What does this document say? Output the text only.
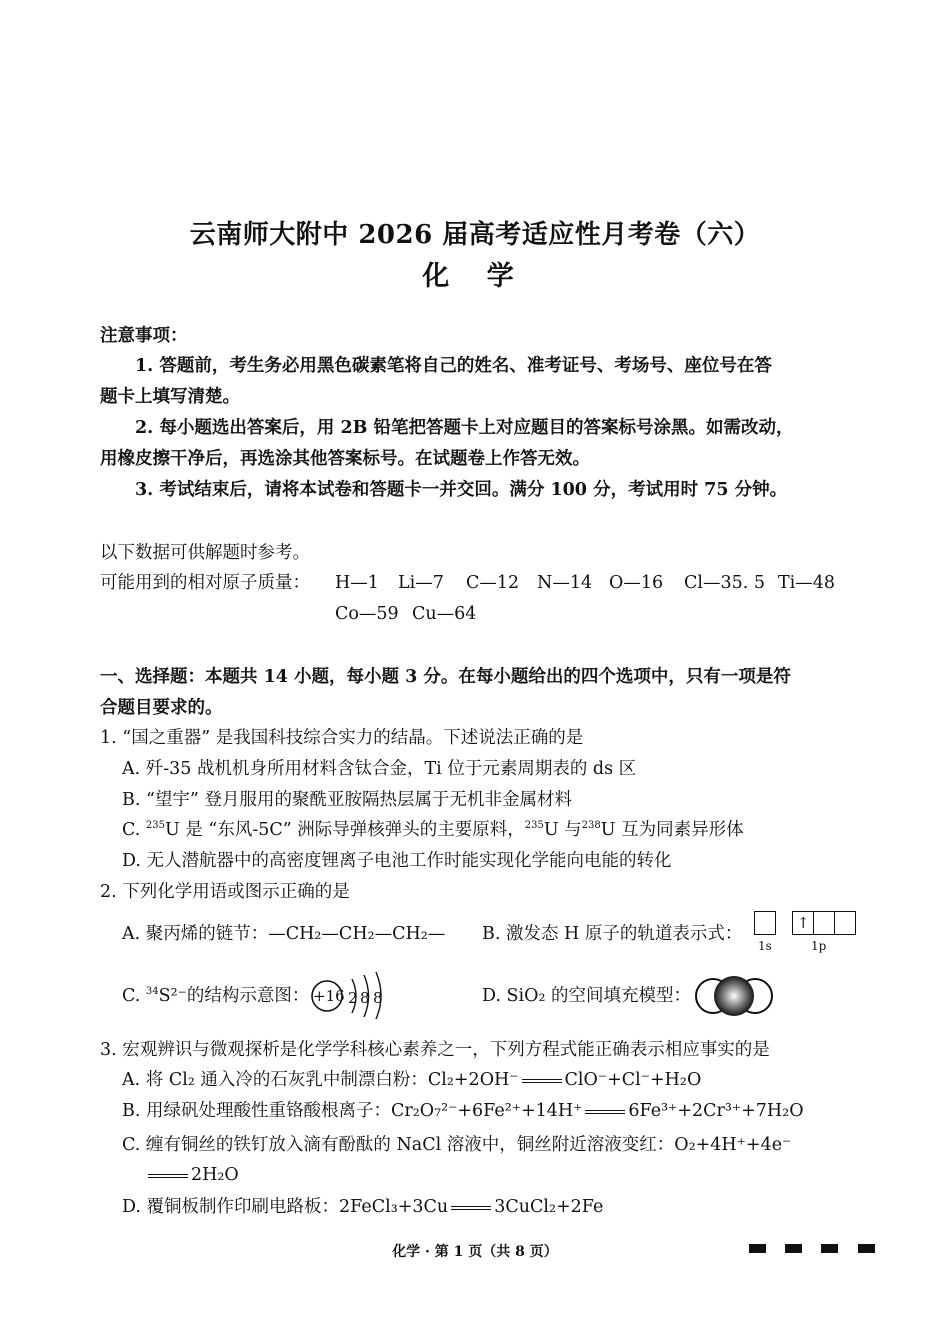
云南师大附中 2026 届高考适应性月考卷（六）
化 学
注意事项：
1. 答题前，考生务必用黑色碳素笔将自己的姓名、准考证号、考场号、座位号在答
题卡上填写清楚。
2. 每小题选出答案后，用 2B 铅笔把答题卡上对应题目的答案标号涂黑。如需改动，
用橡皮擦干净后，再选涂其他答案标号。在试题卷上作答无效。
3. 考试结束后，请将本试卷和答题卡一并交回。满分 100 分，考试用时 75 分钟。
以下数据可供解题时参考。
可能用到的相对原子质量： H—1 Li—7 C—12 N—14 O—16 Cl—35. 5 Ti—48
Co—59 Cu—64
一、选择题：本题共 14 小题，每小题 3 分。在每小题给出的四个选项中，只有一项是符
合题目要求的。
1. “国之重器” 是我国科技综合实力的结晶。下述说法正确的是
A. 歼-35 战机机身所用材料含钛合金，Ti 位于元素周期表的 ds 区
B. “望宇” 登月服用的聚酰亚胺隔热层属于无机非金属材料
C. $^{235}$U 是 “东风-5C” 洲际导弹核弹头的主要原料，$^{235}$U 与$^{238}$U 互为同素异形体
D. 无人潜航器中的高密度锂离子电池工作时能实现化学能向电能的转化
2. 下列化学用语或图示正确的是
A. 聚丙烯的链节：—CH₂—CH₂—CH₂— B. 激发态 H 原子的轨道表示式：
↑
1s	1p
C. $^{34}$S²⁻的结构示意图： +16 2 8 8	D. SiO₂ 的空间填充模型：
3. 宏观辨识与微观探析是化学学科核心素养之一，下列方程式能正确表示相应事实的是
A. 将 Cl₂ 通入冷的石灰乳中制漂白粉：Cl₂+2OH⁻	ClO⁻+Cl⁻+H₂O
B. 用绿矾处理酸性重铬酸根离子：Cr₂O₇²⁻+6Fe²⁺+14H⁺	6Fe³⁺+2Cr³⁺+7H₂O
C. 缠有铜丝的铁钉放入滴有酚酞的 NaCl 溶液中，铜丝附近溶液变红：O₂+4H⁺+4e⁻
2H₂O
D. 覆铜板制作印刷电路板：2FeCl₃+3Cu	3CuCl₂+2Fe
化学 · 第 1 页（共 8 页）
